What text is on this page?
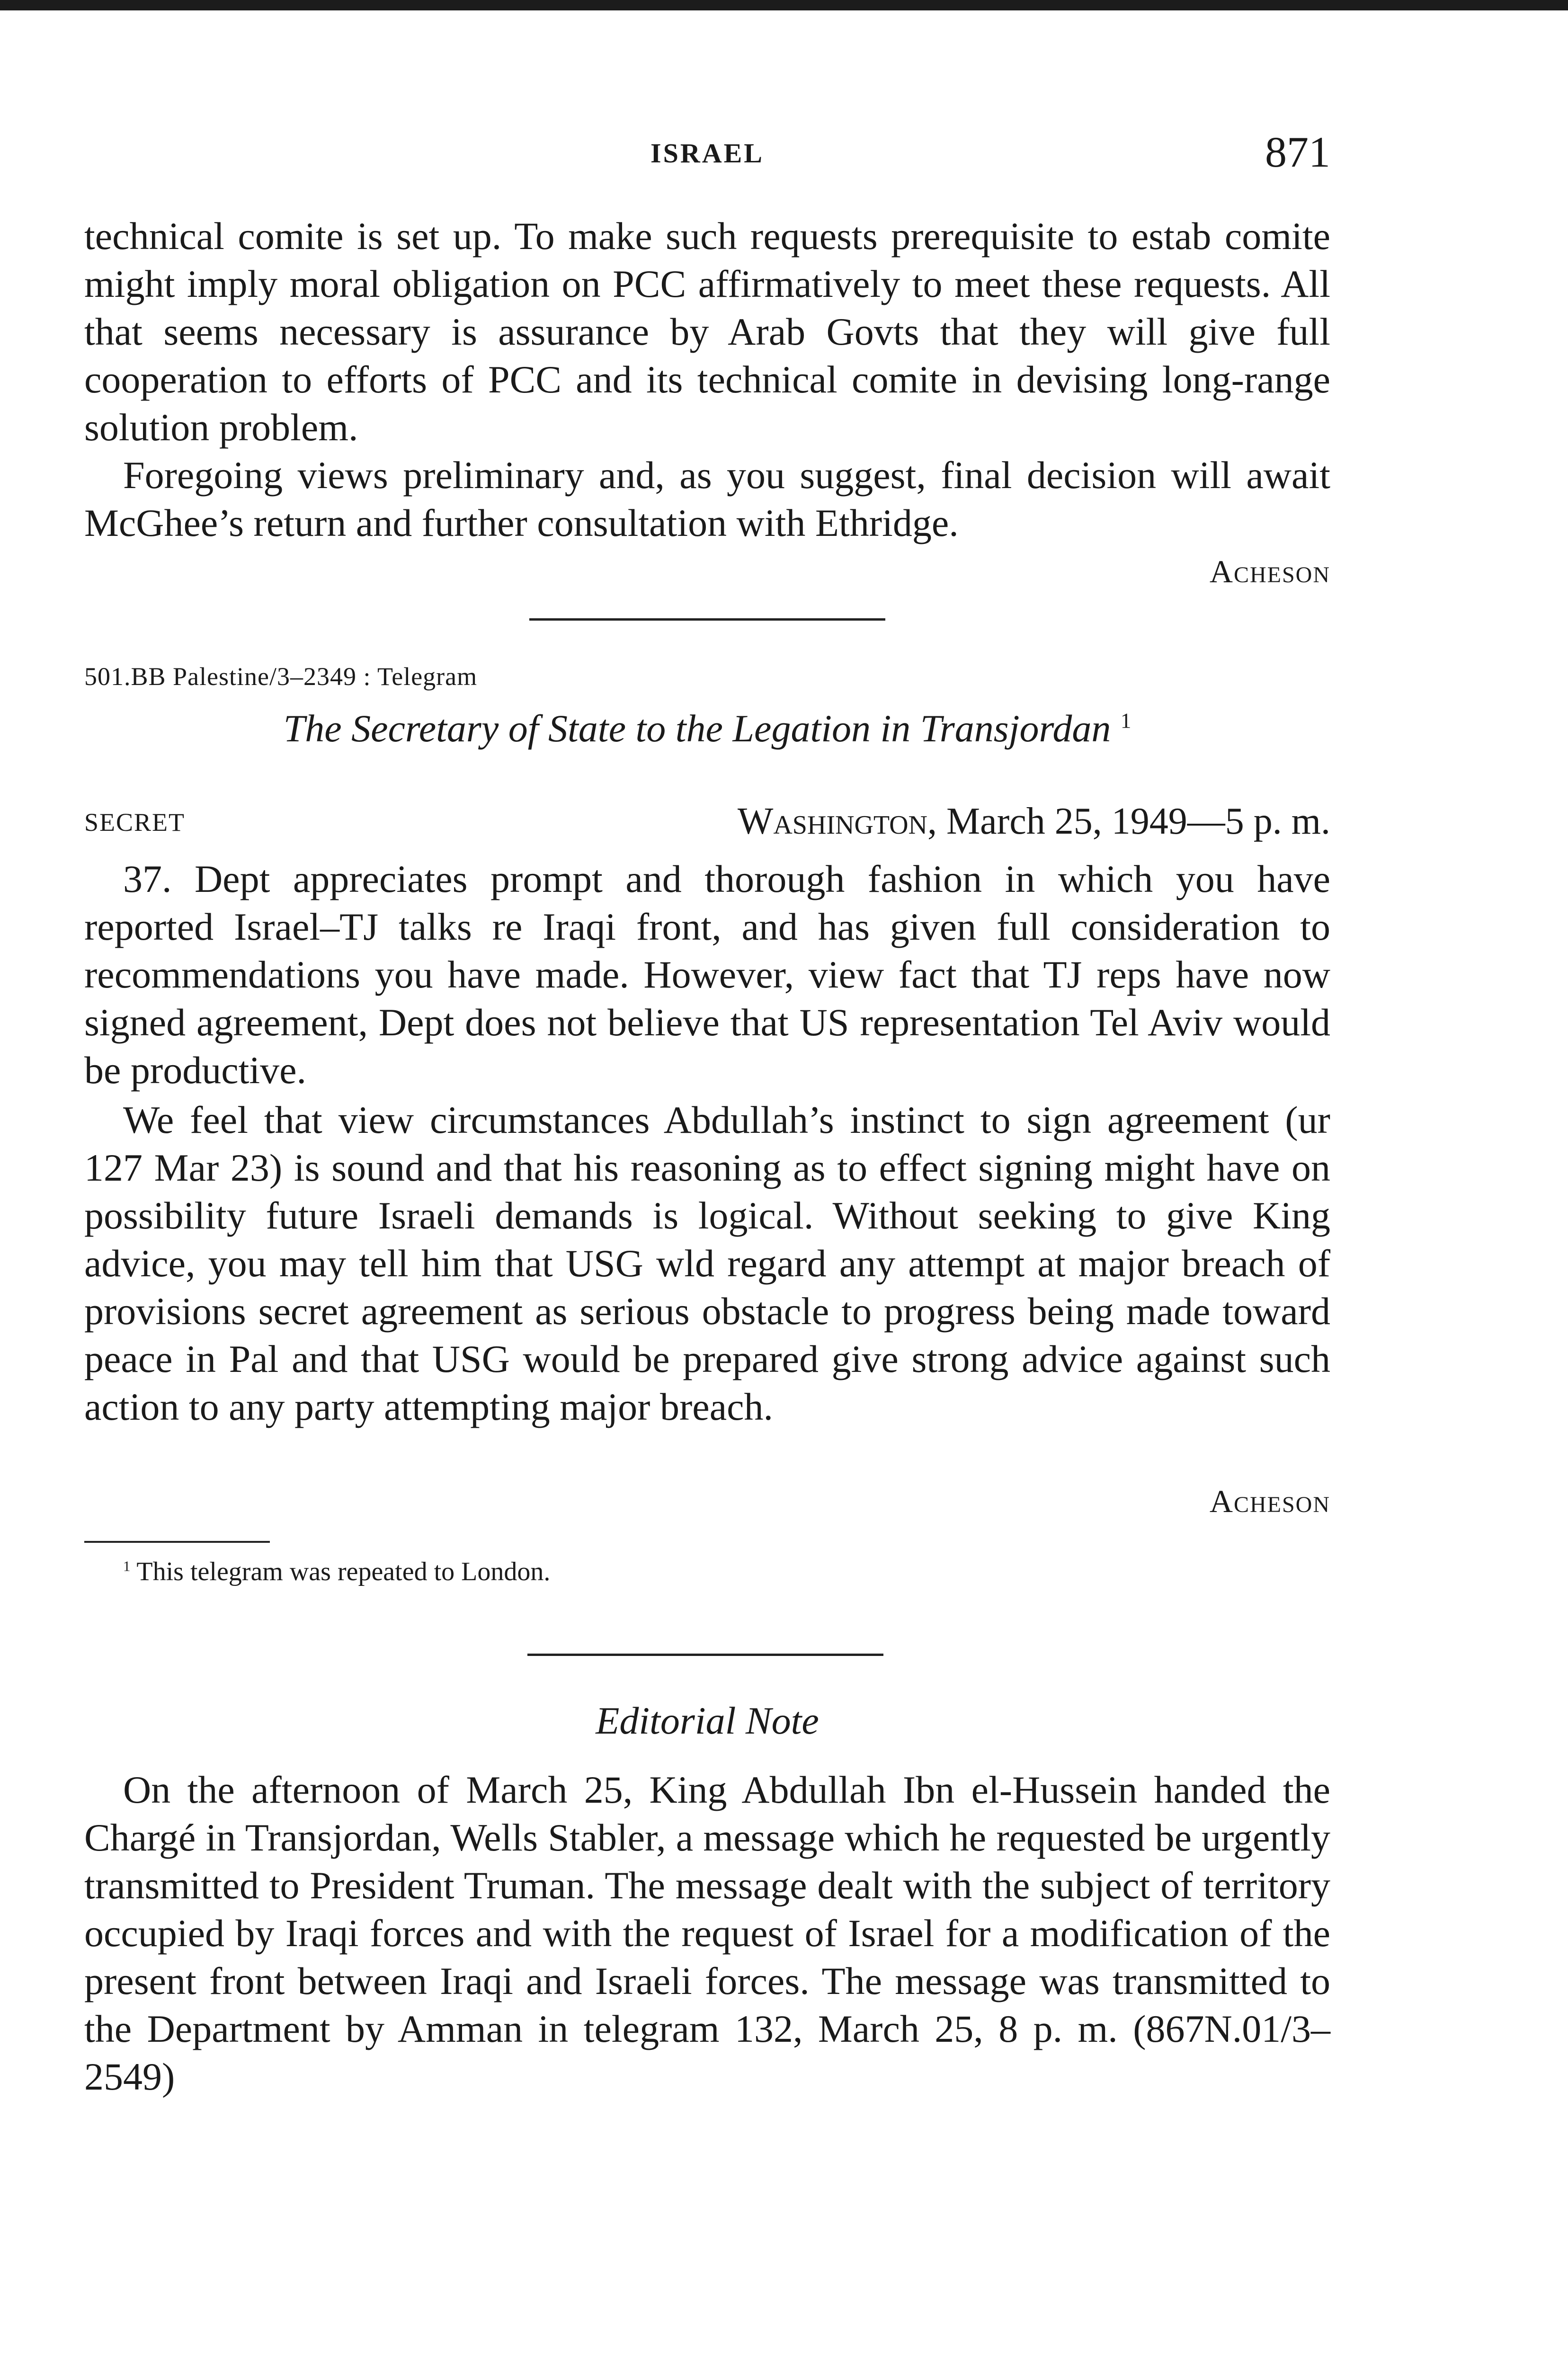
ISRAEL	871

technical comite is set up. To make such requests prerequisite to estab comite might imply moral obligation on PCC affirmatively to meet these requests. All that seems necessary is assurance by Arab Govts that they will give full cooperation to efforts of PCC and its technical comite in devising long-range solution problem.

Foregoing views preliminary and, as you suggest, final decision will await McGhee’s return and further consultation with Ethridge.

Acheson
501.BB Palestine/3–2349 : Telegram
The Secretary of State to the Legation in Transjordan $^1$
SECRET	Washington, March 25, 1949—5 p. m.

37. Dept appreciates prompt and thorough fashion in which you have reported Israel–TJ talks re Iraqi front, and has given full consideration to recommendations you have made. However, view fact that TJ reps have now signed agreement, Dept does not believe that US representation Tel Aviv would be productive.

We feel that view circumstances Abdullah’s instinct to sign agreement (ur 127 Mar 23) is sound and that his reasoning as to effect signing might have on possibility future Israeli demands is logical. Without seeking to give King advice, you may tell him that USG wld regard any attempt at major breach of provisions secret agreement as serious obstacle to progress being made toward peace in Pal and that USG would be prepared give strong advice against such action to any party attempting major breach.

Acheson
$^1$ This telegram was repeated to London.
Editorial Note

On the afternoon of March 25, King Abdullah Ibn el-Hussein handed the Chargé in Transjordan, Wells Stabler, a message which he requested be urgently transmitted to President Truman. The message dealt with the subject of territory occupied by Iraqi forces and with the request of Israel for a modification of the present front between Iraqi and Israeli forces. The message was transmitted to the Department by Amman in telegram 132, March 25, 8 p. m. (867N.01/3–2549)
